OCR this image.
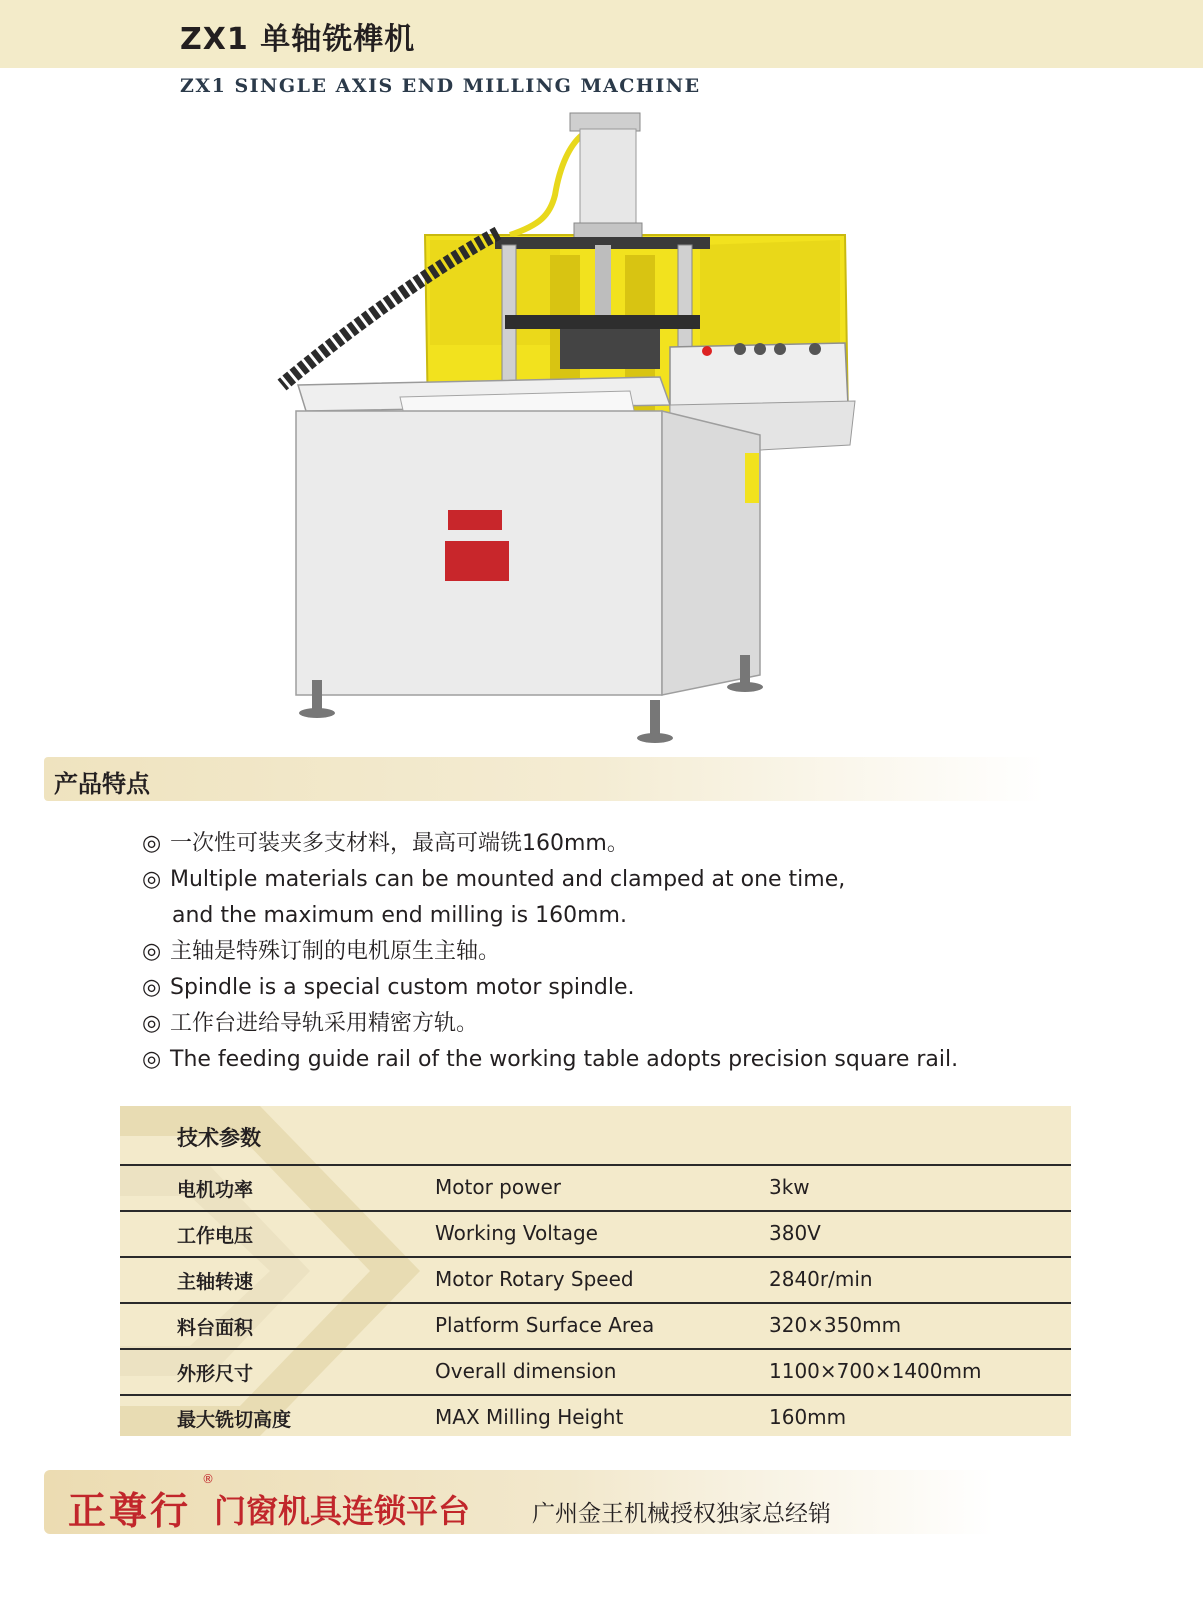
ZX1 单轴铣榫机
ZX1 SINGLE AXIS END MILLING MACHINE
产品特点
◎ 一次性可装夹多支材料，最高可端铣160mm。
◎ Multiple materials can be mounted and clamped at one time,
and the maximum end milling is 160mm.
◎ 主轴是特殊订制的电机原生主轴。
◎ Spindle is a special custom motor spindle.
◎ 工作台进给导轨采用精密方轨。
◎ The feeding guide rail of the working table adopts precision square rail.
技术参数
电机功率	Motor power	3kw
工作电压	Working Voltage	380V
主轴转速	Motor Rotary Speed	2840r/min
料台面积	Platform Surface Area	320×350mm
外形尺寸	Overall dimension	1100×700×1400mm
最大铣切高度	MAX Milling Height	160mm
正尊行
®
门窗机具连锁平台	广州金王机械授权独家总经销
